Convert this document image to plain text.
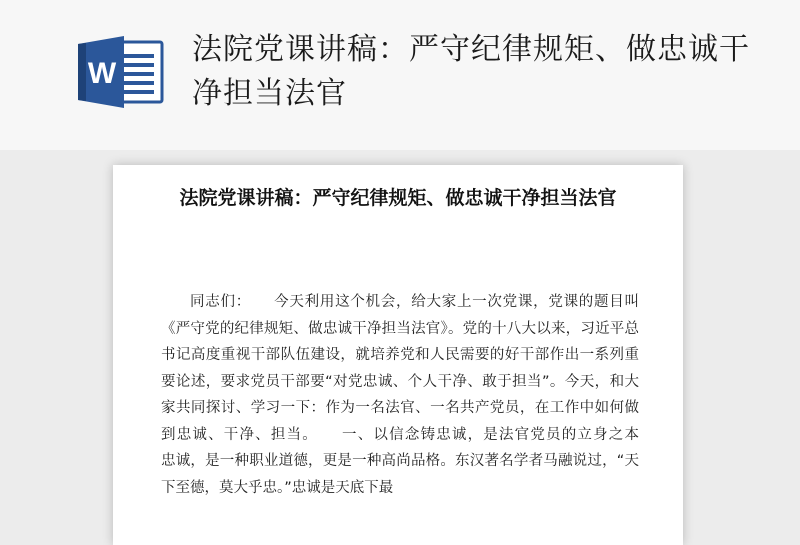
W
法院党课讲稿：严守纪律规矩、做忠诚干净担当法官
法院党课讲稿：严守纪律规矩、做忠诚干净担当法官

同志们：　　今天利用这个机会，给大家上一次党课，党课的题目叫《严守党的纪律规矩、做忠诚干净担当法官》。党的十八大以来，习近平总书记高度重视干部队伍建设，就培养党和人民需要的好干部作出一系列重要论述，要求党员干部要“对党忠诚、个人干净、敢于担当”。今天，和大家共同探讨、学习一下：作为一名法官、一名共产党员，在工作中如何做到忠诚、干净、担当。　　一、以信念铸忠诚，是法官党员的立身之本　　忠诚，是一种职业道德，更是一种高尚品格。东汉著名学者马融说过，“天下至德，莫大乎忠。”忠诚是天底下最
